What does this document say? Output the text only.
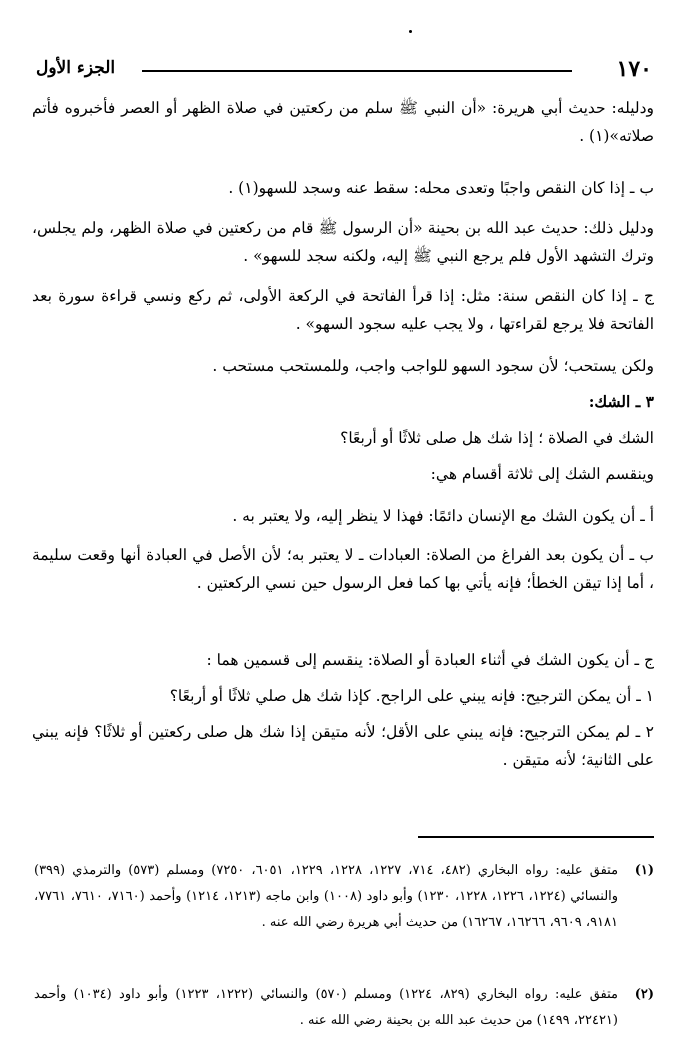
١٧٠
الجزء الأول

ودليله: حديث أبي هريرة: «أن النبي ﷺ سلم من ركعتين في صلاة الظهر أو العصر فأخبروه فأتم صلاته»(١) .

ب ـ إذا كان النقص واجبًا وتعدى محله: سقط عنه وسجد للسهو(١) .

ودليل ذلك: حديث عبد الله بن بحينة «أن الرسول ﷺ قام من ركعتين في صلاة الظهر، ولم يجلس، وترك التشهد الأول فلم يرجع النبي ﷺ إليه، ولكنه سجد للسهو» .

ج ـ إذا كان النقص سنة: مثل: إذا قرأ الفاتحة في الركعة الأولى، ثم ركع ونسي قراءة سورة بعد الفاتحة فلا يرجع لقراءتها ، ولا يجب عليه سجود السهو» .

ولكن يستحب؛ لأن سجود السهو للواجب واجب، وللمستحب مستحب .

٣ ـ الشك:

الشك في الصلاة ؛ إذا شك هل صلى ثلاثًا أو أربعًا؟

وينقسم الشك إلى ثلاثة أقسام هي:

أ ـ أن يكون الشك مع الإنسان دائمًا: فهذا لا ينظر إليه، ولا يعتبر به .

ب ـ أن يكون بعد الفراغ من الصلاة: العبادات ـ لا يعتبر به؛ لأن الأصل في العبادة أنها وقعت سليمة ، أما إذا تيقن الخطأ؛ فإنه يأتي بها كما فعل الرسول حين نسي الركعتين .

ج ـ أن يكون الشك في أثناء العبادة أو الصلاة: ينقسم إلى قسمين هما :

١ ـ أن يمكن الترجيح: فإنه يبني على الراجح. كإذا شك هل صلي ثلاثًا أو أربعًا؟

٢ ـ لم يمكن الترجيح: فإنه يبني على الأقل؛ لأنه متيقن إذا شك هل صلى ركعتين أو ثلاثًا؟ فإنه يبني على الثانية؛ لأنه متيقن .

(١)
متفق عليه: رواه البخاري (٤٨٢، ٧١٤، ١٢٢٧، ١٢٢٨، ١٢٢٩، ٦٠٥١، ٧٢٥٠) ومسلم (٥٧٣) والترمذي (٣٩٩) والنسائي (١٢٢٤، ١٢٢٦، ١٢٢٨، ١٢٣٠) وأبو داود (١٠٠٨) وابن ماجه (١٢١٣، ١٢١٤) وأحمد (٧١٦٠، ٧٦١٠، ٧٧٦١، ٩١٨١، ٩٦٠٩، ١٦٢٦٦، ١٦٢٦٧) من حديث أبي هريرة رضي الله عنه .
(٢)
متفق عليه: رواه البخاري (٨٢٩، ١٢٢٤) ومسلم (٥٧٠) والنسائي (١٢٢٢، ١٢٢٣) وأبو داود (١٠٣٤) وأحمد (٢٢٤٢١، ١٤٩٩) من حديث عبد الله بن بحينة رضي الله عنه .
